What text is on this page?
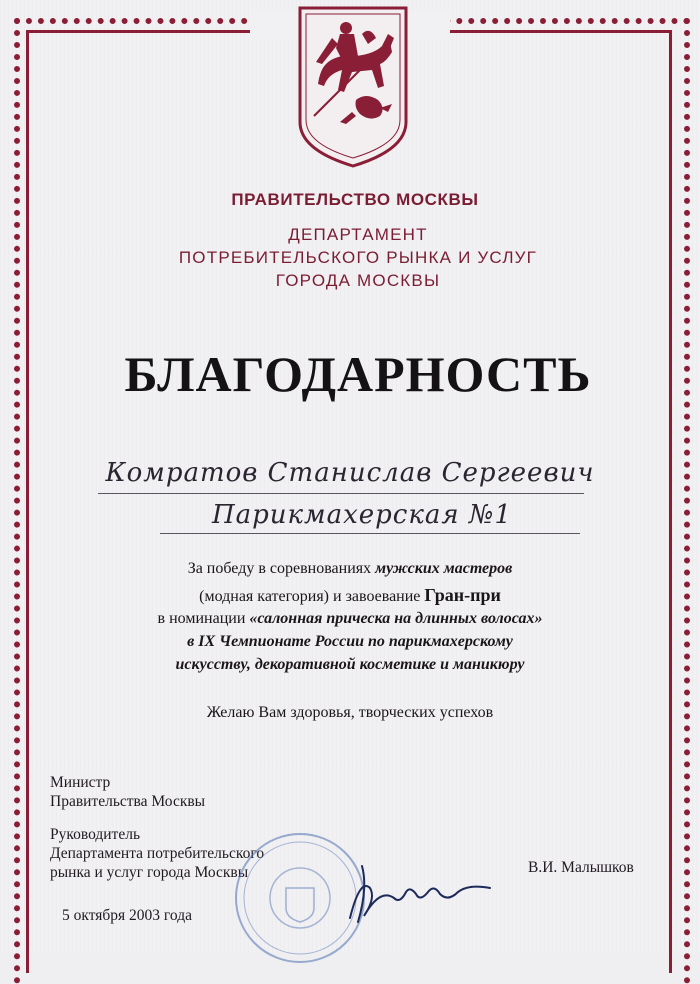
ПРАВИТЕЛЬСТВО МОСКВЫ
ДЕПАРТАМЕНТ
ПОТРЕБИТЕЛЬСКОГО РЫНКА И УСЛУГ
ГОРОДА МОСКВЫ
БЛАГОДАРНОСТЬ
Комратов Станислав Сергеевич
Парикмахерская №1
За победу в соревнованиях мужских мастеров
(модная категория) и завоевание Гран-при
в номинации «салонная прическа на длинных волосах»
в IX Чемпионате России по парикмахерскому
искусству, декоративной косметике и маникюру
Желаю Вам здоровья, творческих успехов
Министр
Правительства Москвы
Руководитель
Департамента потребительского
рынка и услуг города Москвы	В.И. Малышков
5 октября 2003 года
